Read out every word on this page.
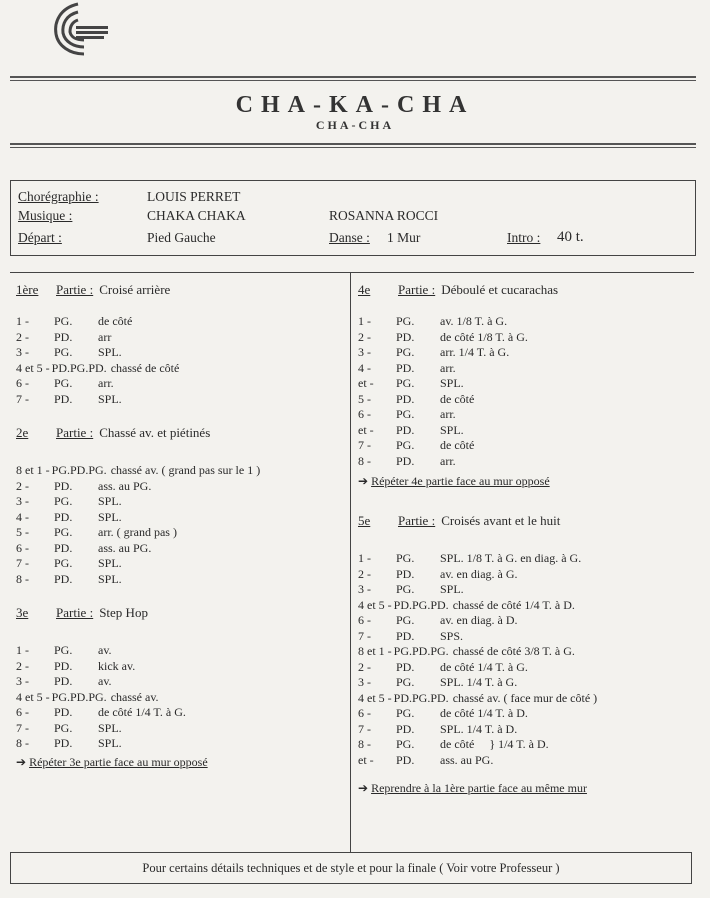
CHA-KA-CHA
CHA-CHA
Chorégraphie :	LOUIS PERRET
Musique :	CHAKA CHAKA	ROSANNA ROCCI
Départ :	Pied Gauche	Danse : 1 Mur	Intro : 40 t.
1ère	Partie : Croisé arrière
1 -	PG.	de côté
2 -	PD.	arr
3 -	PG.	SPL.
4 et 5 - PD.PG.PD. chassé de côté
6 -	PG.	arr.
7 -	PD.	SPL.
2e	Partie : Chassé av. et piétinés
8 et 1 - PG.PD.PG. chassé av. ( grand pas sur le 1 )
2 -	PD.	ass. au PG.
3 -	PG.	SPL.
4 -	PD.	SPL.
5 -	PG.	arr. ( grand pas )
6 -	PD.	ass. au PG.
7 -	PG.	SPL.
8 -	PD.	SPL.
3e	Partie : Step Hop
1 -	PG.	av.
2 -	PD.	kick av.
3 -	PD.	av.
4 et 5 - PG.PD.PG. chassé av.
6 -	PD.	de côté 1/4 T. à G.
7 -	PG.	SPL.
8 -	PD.	SPL.
➔ Répéter 3e partie face au mur opposé
4e	Partie : Déboulé et cucarachas
1 -	PG.	av. 1/8 T. à G.
2 -	PD.	de côté 1/8 T. à G.
3 -	PG.	arr. 1/4 T. à G.
4 -	PD.	arr.
et -	PG.	SPL.
5 -	PD.	de côté
6 -	PG.	arr.
et -	PD.	SPL.
7 -	PG.	de côté
8 -	PD.	arr.
➔ Répéter 4e partie face au mur opposé
5e	Partie : Croisés avant et le huit
1 -	PG.	SPL. 1/8 T. à G. en diag. à G.
2 -	PD.	av. en diag. à G.
3 -	PG.	SPL.
4 et 5 - PD.PG.PD. chassé de côté 1/4 T. à D.
6 -	PG.	av. en diag. à D.
7 -	PD.	SPS.
8 et 1 - PG.PD.PG. chassé de côté 3/8 T. à G.
2 -	PD.	de côté 1/4 T. à G.
3 -	PG.	SPL. 1/4 T. à G.
4 et 5 - PD.PG.PD. chassé av. ( face mur de côté )
6 -	PG.	de côté 1/4 T. à D.
7 -	PD.	SPL. 1/4 T. à D.
8 -	PG.	de côté     } 1/4 T. à D.
et -	PD.	ass. au PG.
➔ Reprendre à la 1ère partie face au même mur
Pour certains détails techniques et de style et pour la finale ( Voir votre Professeur )
